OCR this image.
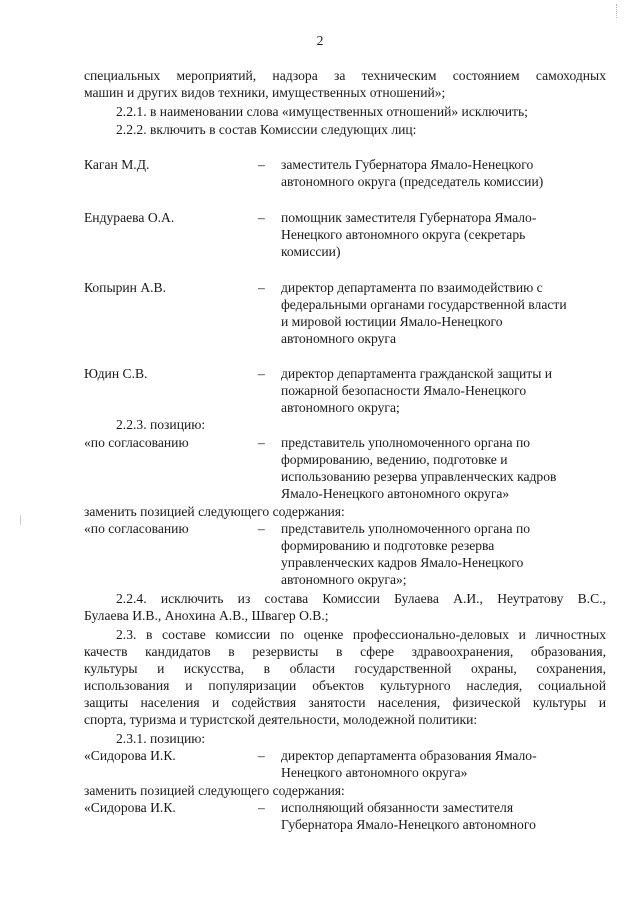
2
специальных мероприятий, надзора за техническим состоянием самоходных
машин и других видов техники, имущественных отношений»;
2.2.1. в наименовании слова «имущественных отношений» исключить;
2.2.2. включить в состав Комиссии следующих лиц:
Каган М.Д.	– заместитель Губернатора Ямало-Ненецкого
автономного округа (председатель комиссии)
Ендураева О.А.	– помощник заместителя Губернатора Ямало-
Ненецкого автономного округа (секретарь
комиссии)
Копырин А.В.	– директор департамента по взаимодействию с
федеральными органами государственной власти
и мировой юстиции Ямало-Ненецкого
автономного округа
Юдин С.В.	– директор департамента гражданской защиты и
пожарной безопасности Ямало-Ненецкого
автономного округа;
2.2.3. позицию:
«по согласованию	– представитель уполномоченного органа по
формированию, ведению, подготовке и
использованию резерва управленческих кадров
Ямало-Ненецкого автономного округа»
заменить позицией следующего содержания:
«по согласованию	– представитель уполномоченного органа по
формированию и подготовке резерва
управленческих кадров Ямало-Ненецкого
автономного округа»;
2.2.4. исключить из состава Комиссии Булаева А.И., Неутратову В.С.,
Булаева И.В., Анохина А.В., Швагер О.В.;
2.3. в составе комиссии по оценке профессионально-деловых и личностных
качеств кандидатов в резервисты в сфере здравоохранения, образования,
культуры и искусства, в области государственной охраны, сохранения,
использования и популяризации объектов культурного наследия, социальной
защиты населения и содействия занятости населения, физической культуры и
спорта, туризма и туристской деятельности, молодежной политики:
2.3.1. позицию:
«Сидорова И.К.	– директор департамента образования Ямало-
Ненецкого автономного округа»
заменить позицией следующего содержания:
«Сидорова И.К.	– исполняющий обязанности заместителя
Губернатора Ямало-Ненецкого автономного
